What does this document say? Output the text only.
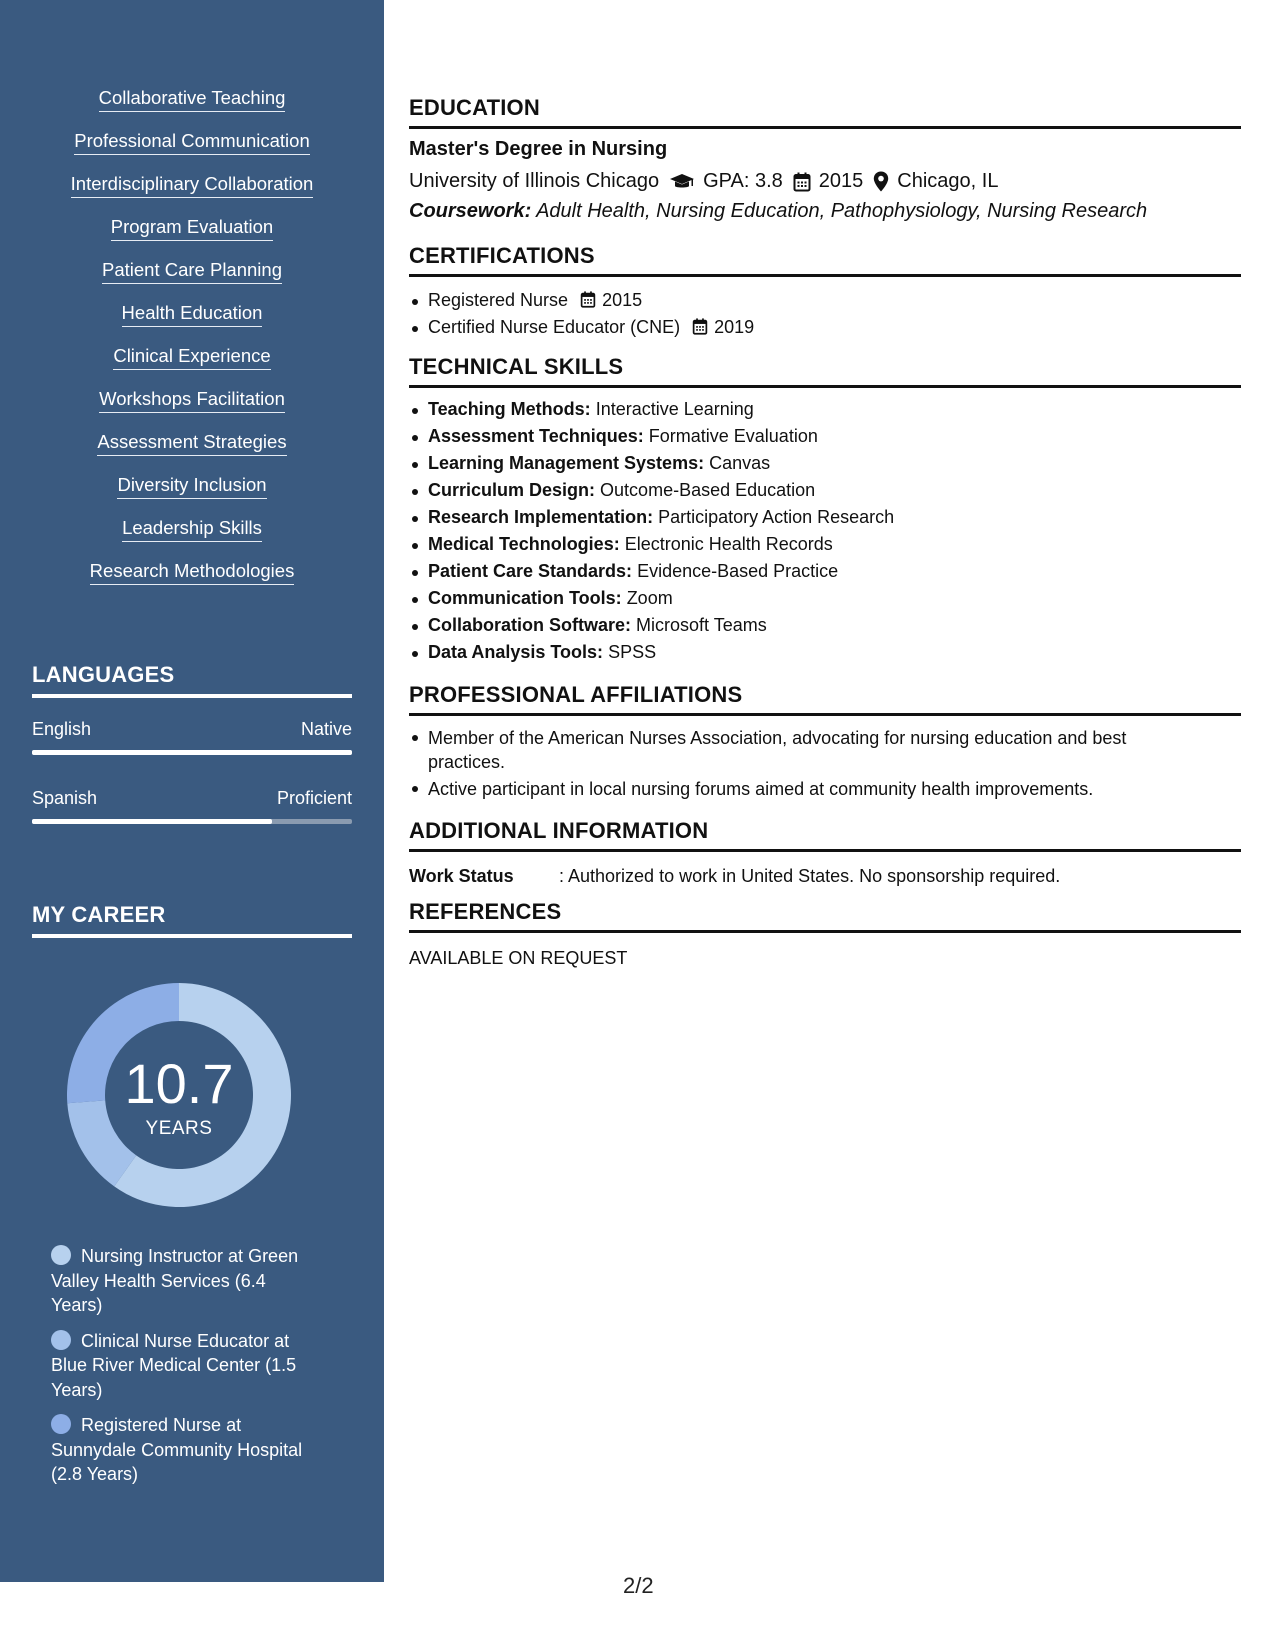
Collaborative Teaching
Professional Communication
Interdisciplinary Collaboration
Program Evaluation
Patient Care Planning
Health Education
Clinical Experience
Workshops Facilitation
Assessment Strategies
Diversity Inclusion
Leadership Skills
Research Methodologies
LANGUAGES
English	Native
Spanish	Proficient
MY CAREER
10.7
YEARS
Nursing Instructor at Green Valley Health Services (6.4 Years)
Clinical Nurse Educator at Blue River Medical Center (1.5 Years)
Registered Nurse at Sunnydale Community Hospital (2.8 Years)
EDUCATION
Master's Degree in Nursing
University of Illinois Chicago GPA: 3.8 2015 Chicago, IL
Coursework: Adult Health, Nursing Education, Pathophysiology, Nursing Research
CERTIFICATIONS
Registered Nurse 2015
Certified Nurse Educator (CNE) 2019
TECHNICAL SKILLS
Teaching Methods: Interactive Learning
Assessment Techniques: Formative Evaluation
Learning Management Systems: Canvas
Curriculum Design: Outcome-Based Education
Research Implementation: Participatory Action Research
Medical Technologies: Electronic Health Records
Patient Care Standards: Evidence-Based Practice
Communication Tools: Zoom
Collaboration Software: Microsoft Teams
Data Analysis Tools: SPSS
PROFESSIONAL AFFILIATIONS
Member of the American Nurses Association, advocating for nursing education and best practices.
Active participant in local nursing forums aimed at community health improvements.
ADDITIONAL INFORMATION
Work Status	: Authorized to work in United States. No sponsorship required.
REFERENCES
AVAILABLE ON REQUEST
2/2
